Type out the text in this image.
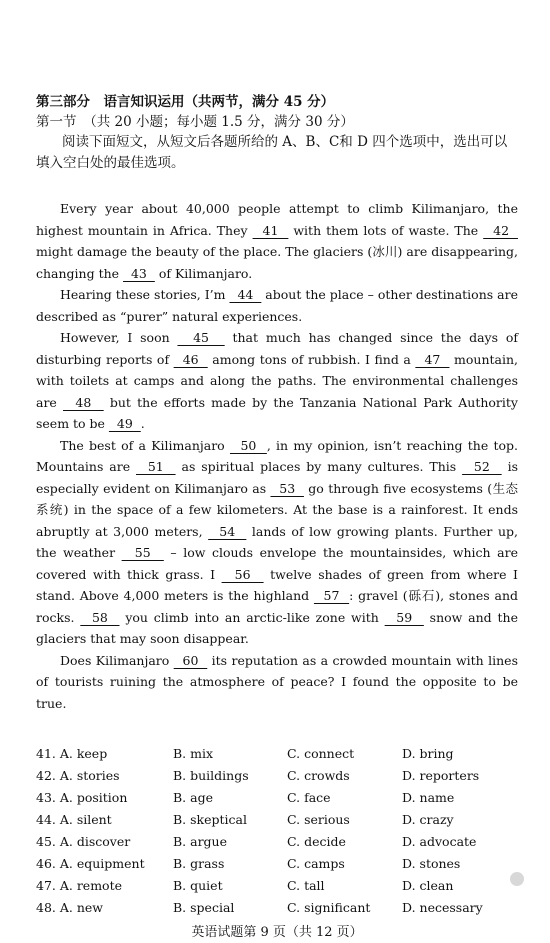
第三部分　语言知识运用（共两节，满分 45 分）

第一节　（共 20 小题；每小题 1.5 分，满分 30 分）

阅读下面短文，从短文后各题所给的 A、B、C和 D 四个选项中，选出可以填入空白处的最佳选项。

Every year about 40,000 people attempt to climb Kilimanjaro, the highest mountain in Africa. They   41   with them lots of waste. The   42   might damage the beauty of the place. The glaciers (冰川) are disappearing, changing the   43   of Kilimanjaro.

Hearing these stories, I’m   44   about the place – other destinations are described as “purer” natural experiences.

However, I soon   45   that much has changed since the days of disturbing reports of   46   among tons of rubbish. I find a   47   mountain, with toilets at camps and along the paths. The environmental challenges are   48   but the efforts made by the Tanzania National Park Authority seem to be   49  .

The best of a Kilimanjaro   50  , in my opinion, isn’t reaching the top. Mountains are   51   as spiritual places by many cultures. This   52   is especially evident on Kilimanjaro as   53   go through five ecosystems (生态系统) in the space of a few kilometers. At the base is a rainforest. It ends abruptly at 3,000 meters,   54   lands of low growing plants. Further up, the weather   55   – low clouds envelope the mountainsides, which are covered with thick grass. I   56   twelve shades of green from where I stand. Above 4,000 meters is the highland   57  : gravel (砾石), stones and rocks.   58   you climb into an arctic-like zone with   59   snow and the glaciers that may soon disappear.

Does Kilimanjaro   60   its reputation as a crowded mountain with lines of tourists ruining the atmosphere of peace? I found the opposite to be true.

41. A. keep	B. mix	C. connect	D. bring
42. A. stories	B. buildings	C. crowds	D. reporters
43. A. position	B. age	C. face	D. name
44. A. silent	B. skeptical	C. serious	D. crazy
45. A. discover	B. argue	C. decide	D. advocate
46. A. equipment	B. grass	C. camps	D. stones
47. A. remote	B. quiet	C. tall	D. clean
48. A. new	B. special	C. significant	D. necessary
英语试题第 9 页（共 12 页）
